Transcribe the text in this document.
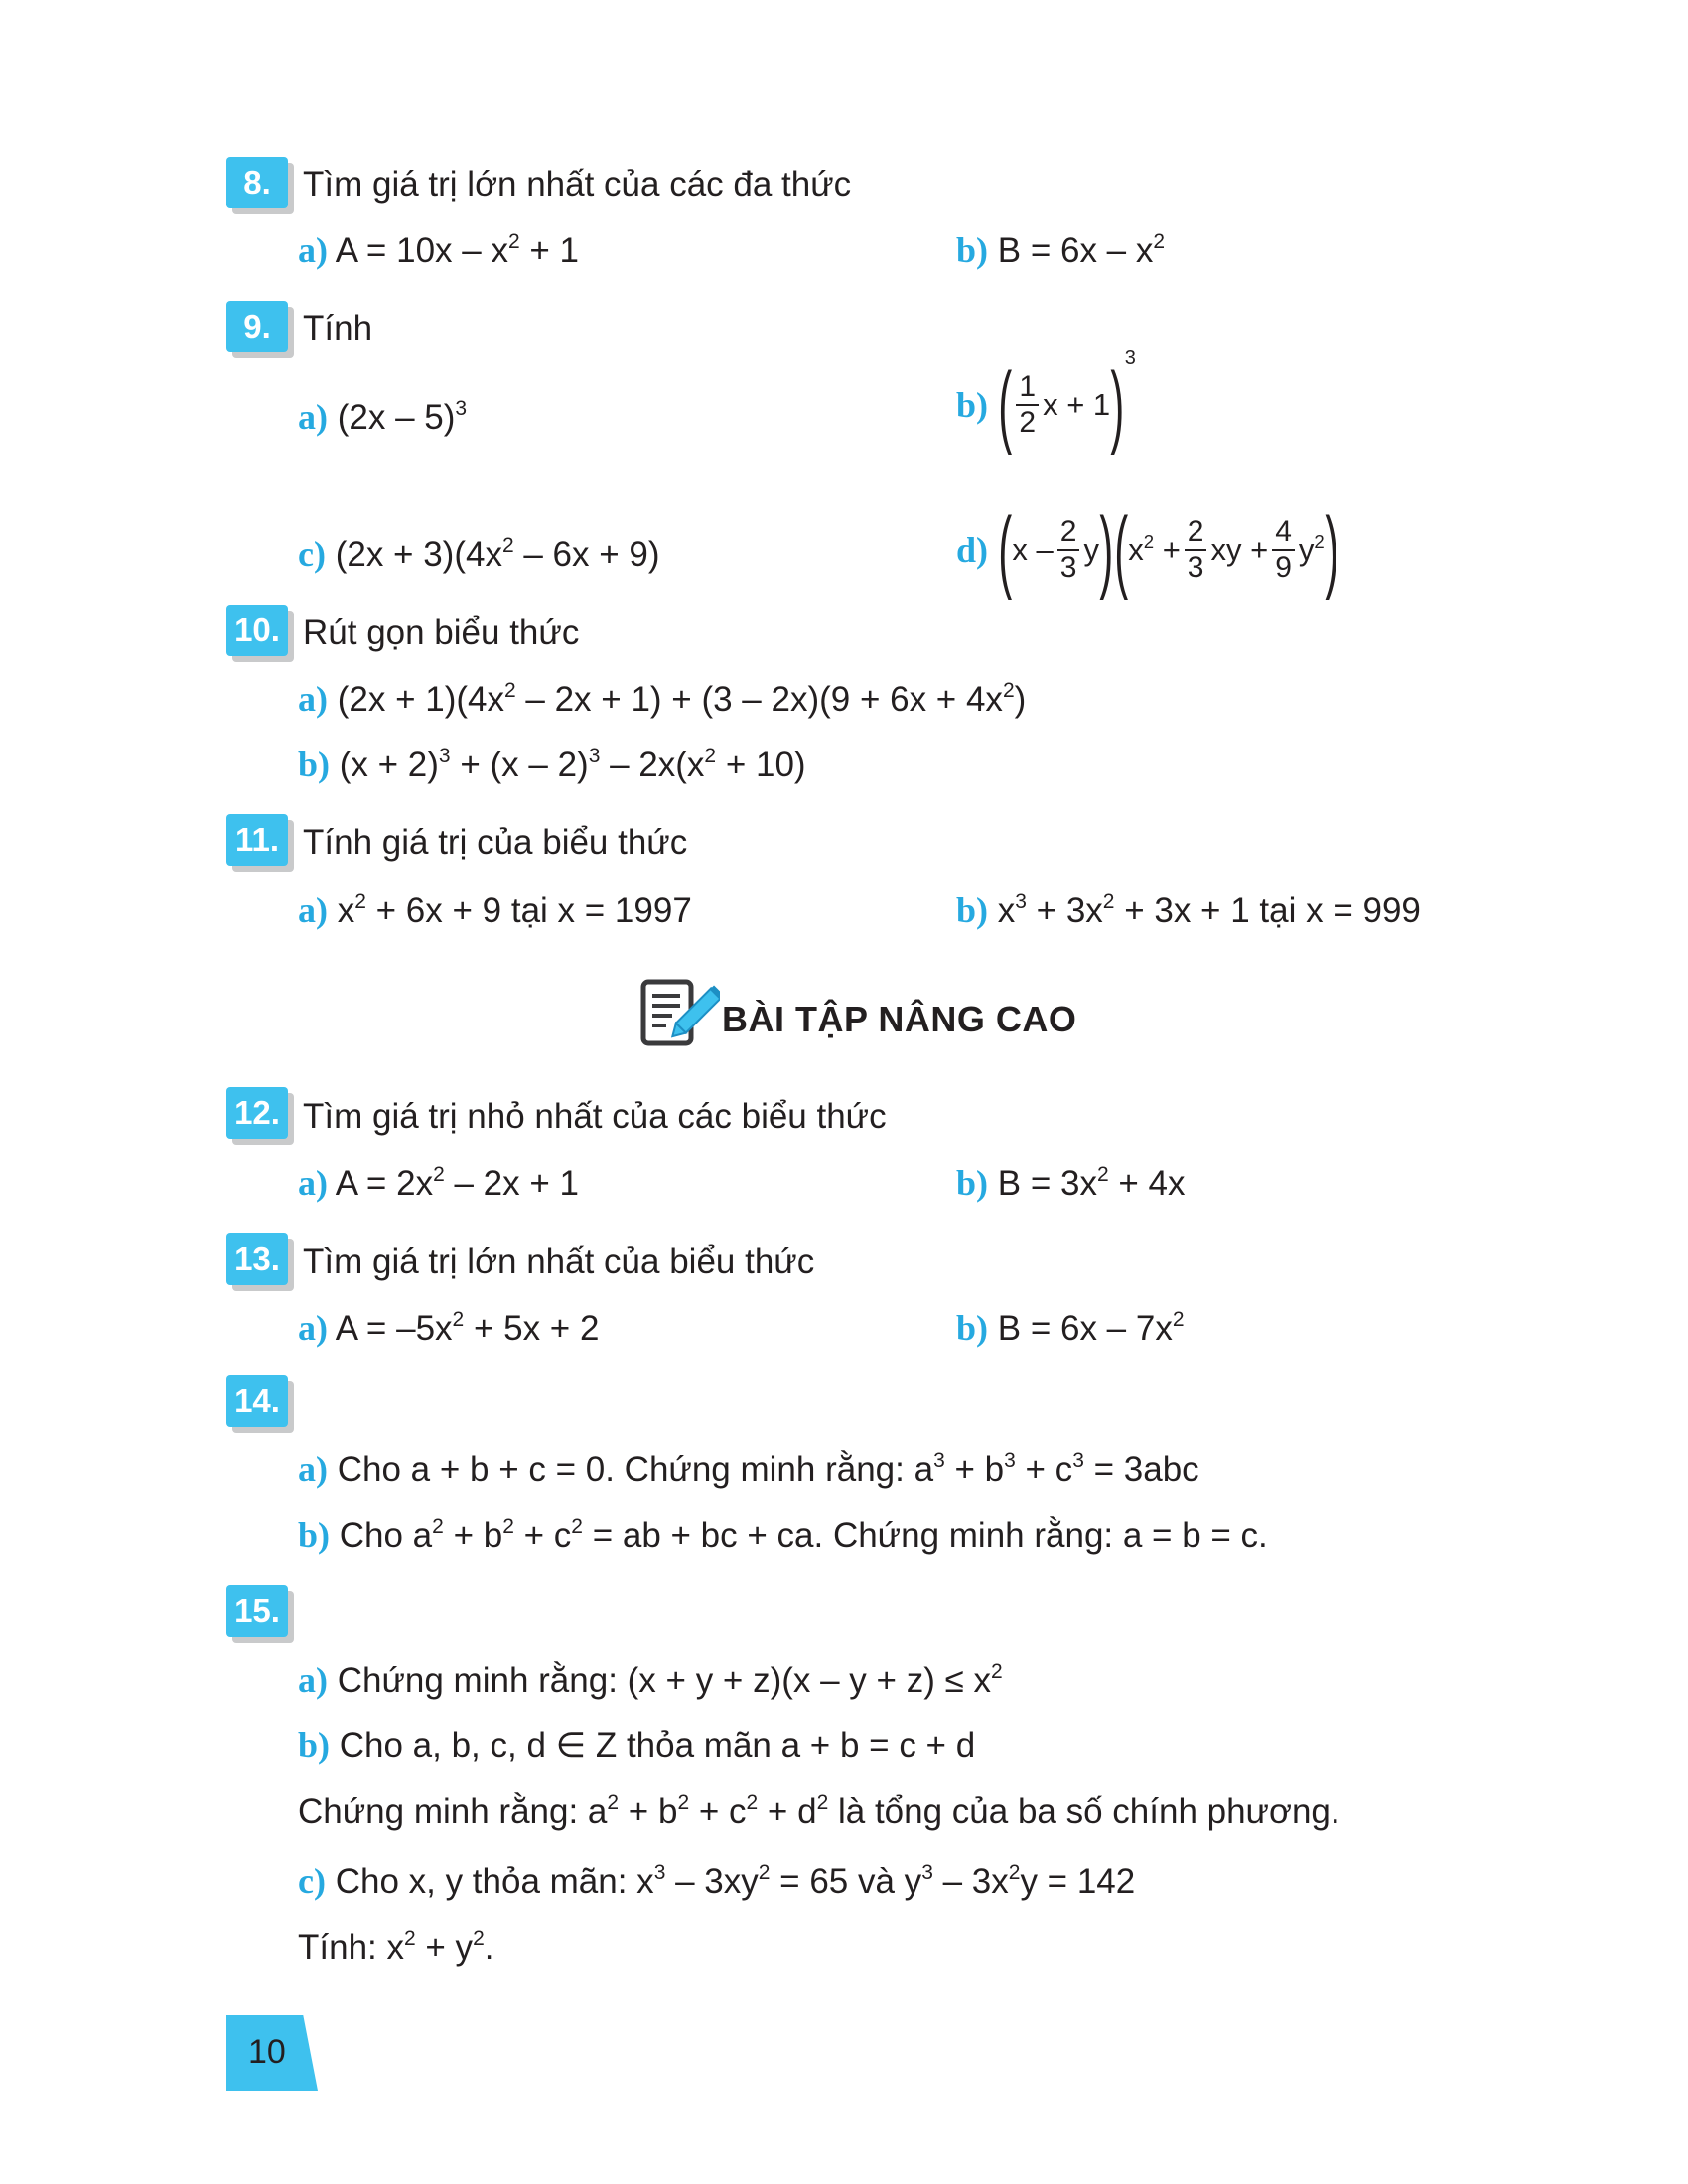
8. Tìm giá trị lớn nhất của các đa thức
a) $A = 10x - x^2 + 1$	b) $B = 6x - x^2$
9. Tính
a) (2x – 5)$^3$	b) ( $\frac{1}{2}$ x + 1)$^3$
c) $(2x + 3)(4x^2 - 6x + 9)$	d) $(x - \frac{2}{3} y)(x^2 + \frac{2}{3}$ xy + $\frac{4}{9} y^2$)
10. Rút gọn biểu thức
a) $(2x + 1)(4x^2 - 2x + 1) + (3 - 2x)(9 + 6x + 4x^2)$
b) $(x + 2)^3 + (x - 2)^3 - 2x(x^2 + 10)$
11. Tính giá trị của biểu thức
a) $x^2 + 6x + 9$ tại x = 1997	b) $x^3 + 3x^2 + 3x + 1$ tại x = 999
BÀI TẬP NÂNG CAO
12. Tìm giá trị nhỏ nhất của các biểu thức
a) $A = 2x^2 - 2x + 1$	b) $B = 3x^2 + 4x$
13. Tìm giá trị lớn nhất của biểu thức
a) $A = -5x^2 + 5x + 2$	b) $B = 6x - 7x^2$
14.
a) Cho a + b + c = 0. Chứng minh rằng: $a^3 + b^3 + c^3 = 3abc$
b) Cho $a^2 + b^2 + c^2$ = ab + bc + ca. Chứng minh rằng: a = b = c.
15.
a) Chứng minh rằng: $(x + y + z)(x - y + z) \le x^2$
b) Cho a, b, c, d ∈ Z thỏa mãn a + b = c + d
Chứng minh rằng: $a^2 + b^2 + c^2 + d^2$ là tổng của ba số chính phương.
c) Cho x, y thỏa mãn: $x^3 - 3xy^2 = 65$ và $y^3 - 3x^2y = 142$
Tính: $x^2 + y^2$.
10
